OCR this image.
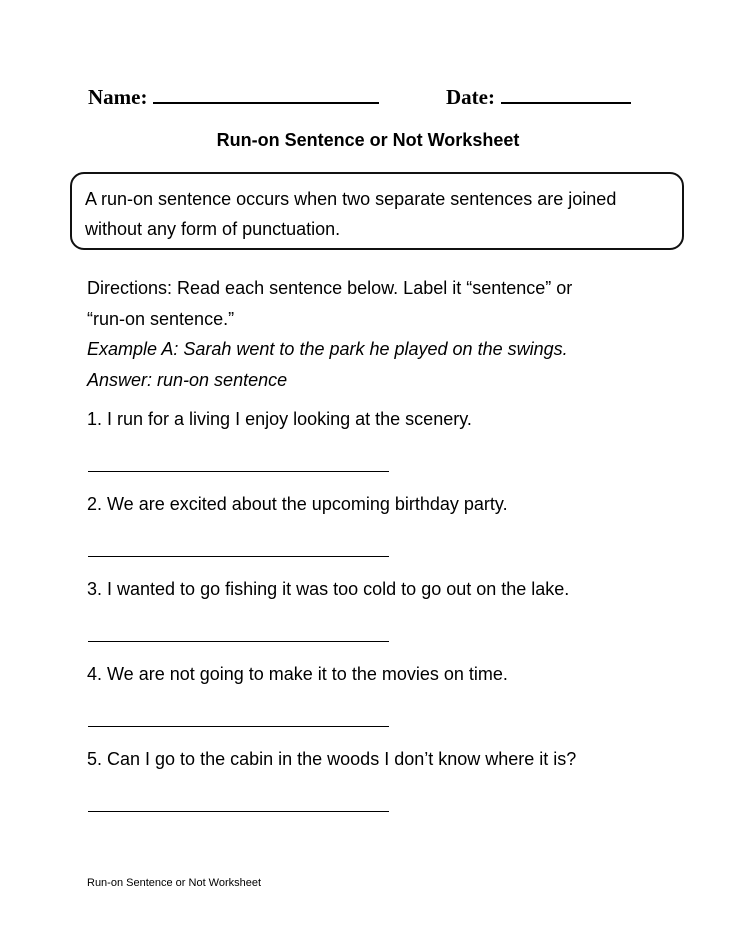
Name:	Date:
Run-on Sentence or Not Worksheet
A run-on sentence occurs when two separate sentences are joined
without any form of punctuation.
Directions: Read each sentence below. Label it “sentence” or
“run-on sentence.”
Example A: Sarah went to the park he played on the swings.
Answer: run-on sentence
1. I run for a living I enjoy looking at the scenery.
2. We are excited about the upcoming birthday party.
3. I wanted to go fishing it was too cold to go out on the lake.
4. We are not going to make it to the movies on time.
5. Can I go to the cabin in the woods I don’t know where it is?
Run-on Sentence or Not Worksheet
